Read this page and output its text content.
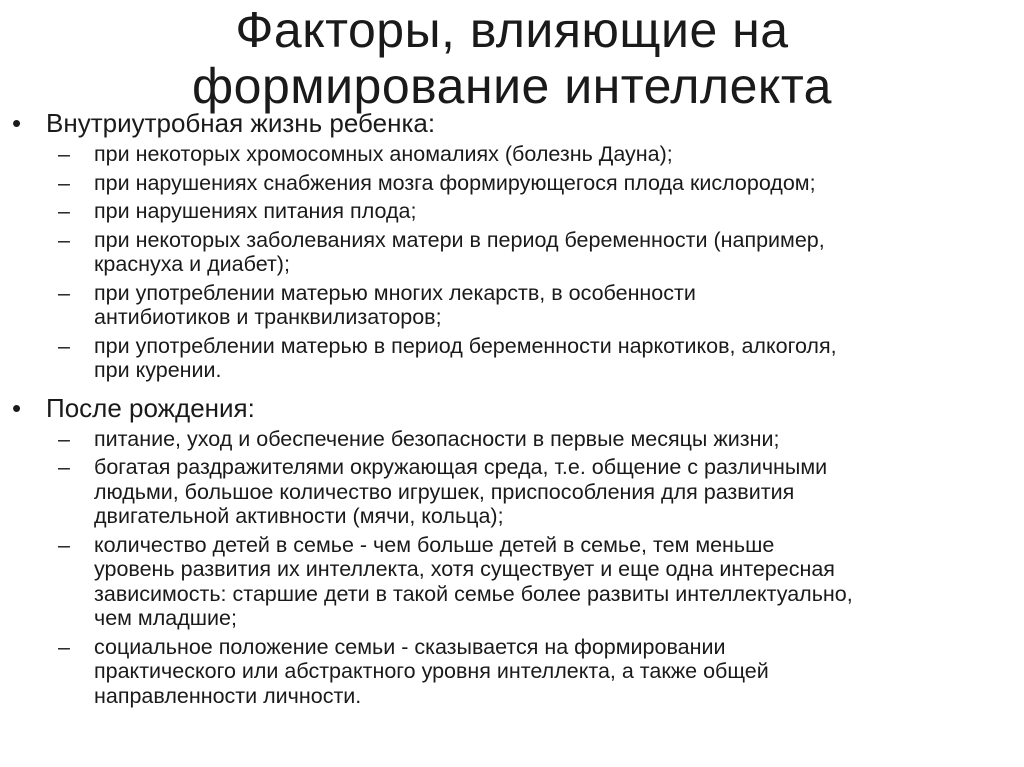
Факторы, влияющие на
формирование интеллекта
• Внутриутробная жизнь ребенка:
–	при некоторых хромосомных аномалиях (болезнь Дауна);
–	при нарушениях снабжения мозга формирующегося плода кислородом;
–	при нарушениях питания плода;
–	при некоторых заболеваниях матери в период беременности (например,
краснуха и диабет);
–	при употреблении матерью многих лекарств, в особенности
антибиотиков и транквилизаторов;
–	при употреблении матерью в период беременности наркотиков, алкоголя,
при курении.
• После рождения:
–	питание, уход и обеспечение безопасности в первые месяцы жизни;
–	богатая раздражителями окружающая среда, т.е. общение с различными
людьми, большое количество игрушек, приспособления для развития
двигательной активности (мячи, кольца);
–	количество детей в семье - чем больше детей в семье, тем меньше
уровень развития их интеллекта, хотя существует и еще одна интересная
зависимость: старшие дети в такой семье более развиты интеллектуально,
чем младшие;
–	социальное положение семьи - сказывается на формировании
практического или абстрактного уровня интеллекта, а также общей
направленности личности.
